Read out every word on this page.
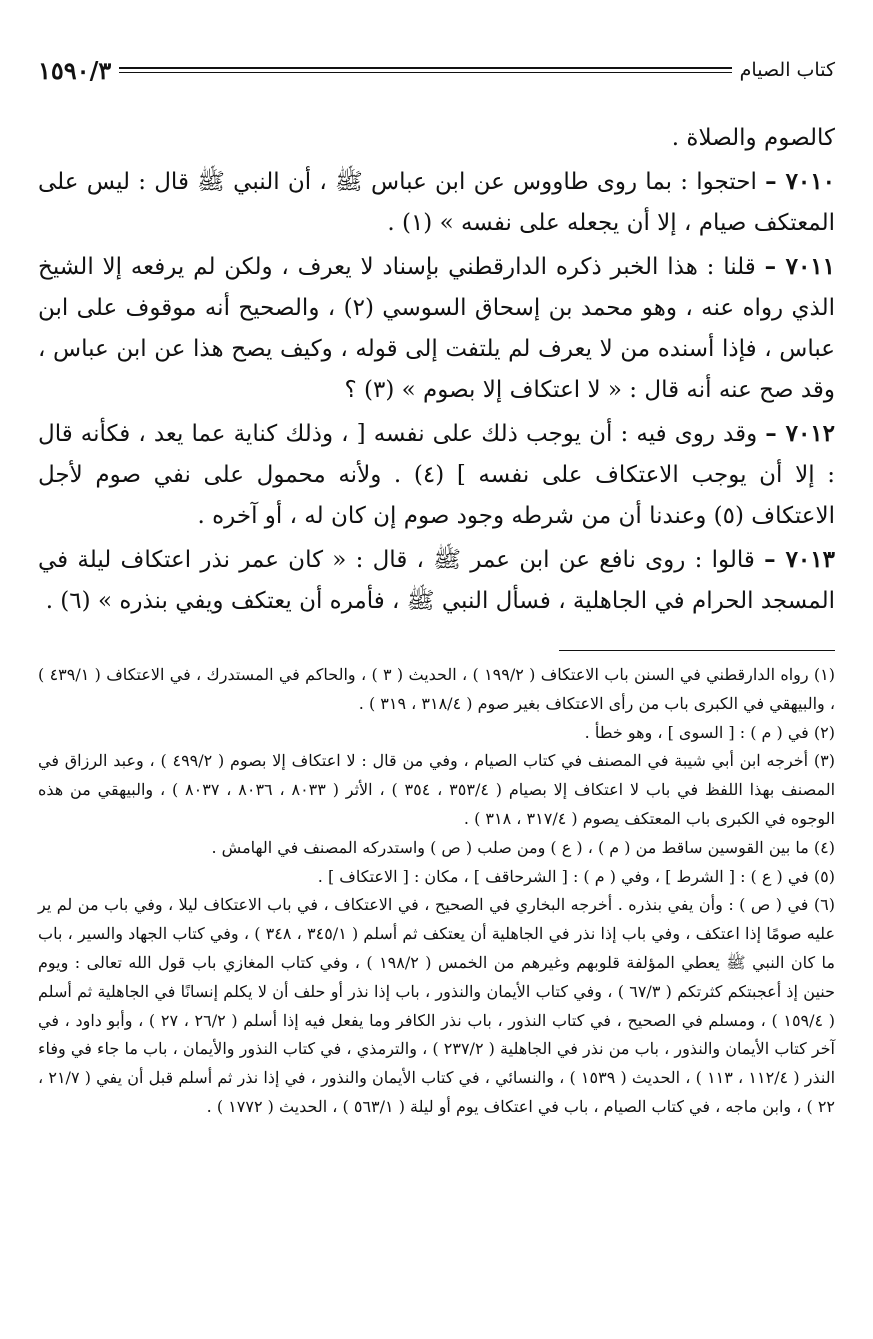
كتاب الصيام
١٥٩٠/٣

كالصوم والصلاة .

٧٠١٠ – احتجوا : بما روى طاووس عن ابن عباس ﷺ ، أن النبي ﷺ قال : ليس على المعتكف صيام ، إلا أن يجعله على نفسه » (١) .

٧٠١١ – قلنا : هذا الخبر ذكره الدارقطني بإسناد لا يعرف ، ولكن لم يرفعه إلا الشيخ الذي رواه عنه ، وهو محمد بن إسحاق السوسي (٢) ، والصحيح أنه موقوف على ابن عباس ، فإذا أسنده من لا يعرف لم يلتفت إلى قوله ، وكيف يصح هذا عن ابن عباس ، وقد صح عنه أنه قال : « لا اعتكاف إلا بصوم » (٣) ؟

٧٠١٢ – وقد روى فيه : أن يوجب ذلك على نفسه [ ، وذلك كناية عما يعد ، فكأنه قال : إلا أن يوجب الاعتكاف على نفسه ] (٤) . ولأنه محمول على نفي صوم لأجل الاعتكاف (٥) وعندنا أن من شرطه وجود صوم إن كان له ، أو آخره .

٧٠١٣ – قالوا : روى نافع عن ابن عمر ﷺ ، قال : « كان عمر نذر اعتكاف ليلة في المسجد الحرام في الجاهلية ، فسأل النبي ﷺ ، فأمره أن يعتكف ويفي بنذره » (٦) .

(١) رواه الدارقطني في السنن باب الاعتكاف ( ١٩٩/٢ ) ، الحديث ( ٣ ) ، والحاكم في المستدرك ، في الاعتكاف ( ٤٣٩/١ ) ، والبيهقي في الكبرى باب من رأى الاعتكاف بغير صوم ( ٣١٨/٤ ، ٣١٩ ) .

(٢) في ( م ) : [ السوى ] ، وهو خطأ .

(٣) أخرجه ابن أبي شيبة في المصنف في كتاب الصيام ، وفي من قال : لا اعتكاف إلا بصوم ( ٤٩٩/٢ ) ، وعبد الرزاق في المصنف بهذا اللفظ في باب لا اعتكاف إلا بصيام ( ٣٥٣/٤ ، ٣٥٤ ) ، الأثر ( ٨٠٣٣ ، ٨٠٣٦ ، ٨٠٣٧ ) ، والبيهقي من هذه الوجوه في الكبرى باب المعتكف يصوم ( ٣١٧/٤ ، ٣١٨ ) .

(٤) ما بين القوسين ساقط من ( م ) ، ( ع ) ومن صلب ( ص ) واستدركه المصنف في الهامش .

(٥) في ( ع ) : [ الشرط ] ، وفي ( م ) : [ الشرحاقف ] ، مكان : [ الاعتكاف ] .

(٦) في ( ص ) : وأن يفي بنذره . أخرجه البخاري في الصحيح ، في الاعتكاف ، في باب الاعتكاف ليلا ، وفي باب من لم ير عليه صومًا إذا اعتكف ، وفي باب إذا نذر في الجاهلية أن يعتكف ثم أسلم ( ٣٤٥/١ ، ٣٤٨ ) ، وفي كتاب الجهاد والسير ، باب ما كان النبي ﷺ يعطي المؤلفة قلوبهم وغيرهم من الخمس ( ١٩٨/٢ ) ، وفي كتاب المغازي باب قول الله تعالى : ويوم حنين إذ أعجبتكم كثرتكم ( ٦٧/٣ ) ، وفي كتاب الأيمان والنذور ، باب إذا نذر أو حلف أن لا يكلم إنسانًا في الجاهلية ثم أسلم ( ١٥٩/٤ ) ، ومسلم في الصحيح ، في كتاب النذور ، باب نذر الكافر وما يفعل فيه إذا أسلم ( ٢٦/٢ ، ٢٧ ) ، وأبو داود ، في آخر كتاب الأيمان والنذور ، باب من نذر في الجاهلية ( ٢٣٧/٢ ) ، والترمذي ، في كتاب النذور والأيمان ، باب ما جاء في وفاء النذر ( ١١٢/٤ ، ١١٣ ) ، الحديث ( ١٥٣٩ ) ، والنسائي ، في كتاب الأيمان والنذور ، في إذا نذر ثم أسلم قبل أن يفي ( ٢١/٧ ، ٢٢ ) ، وابن ماجه ، في كتاب الصيام ، باب في اعتكاف يوم أو ليلة ( ٥٦٣/١ ) ، الحديث ( ١٧٧٢ ) .
